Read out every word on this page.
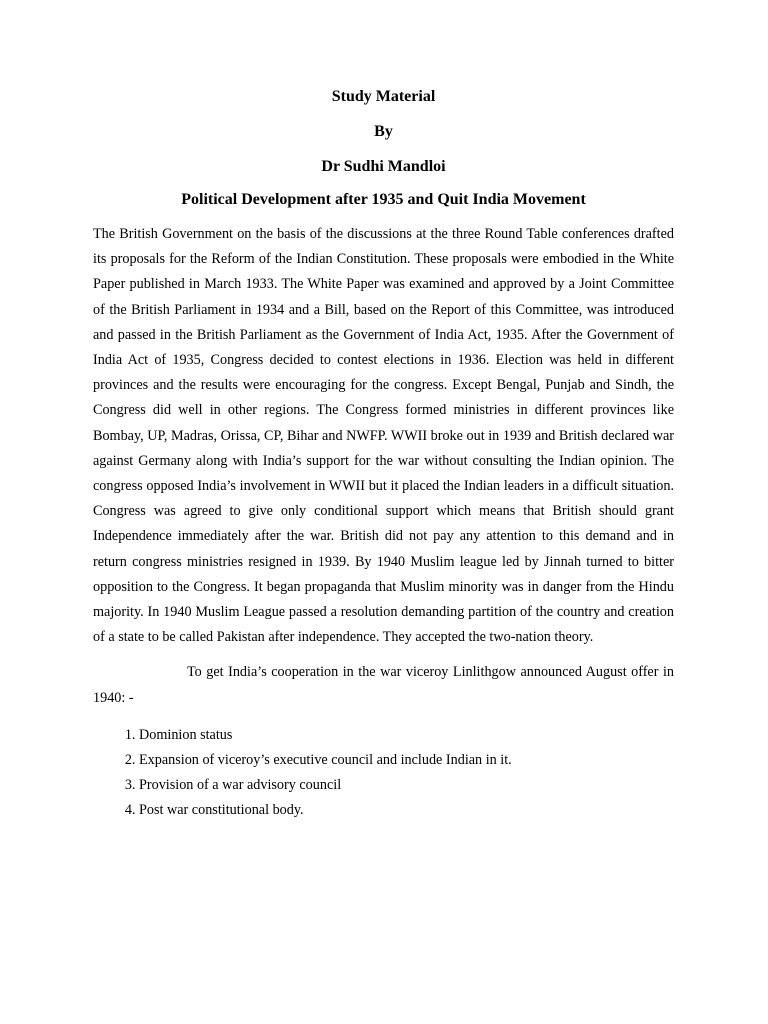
Study Material

By

Dr Sudhi Mandloi

Political Development after 1935 and Quit India Movement

The British Government on the basis of the discussions at the three Round Table conferences drafted its proposals for the Reform of the Indian Constitution. These proposals were embodied in the White Paper published in March 1933. The White Paper was examined and approved by a Joint Committee of the British Parliament in 1934 and a Bill, based on the Report of this Committee, was introduced and passed in the British Parliament as the Government of India Act, 1935. After the Government of India Act of 1935, Congress decided to contest elections in 1936. Election was held in different provinces and the results were encouraging for the congress. Except Bengal, Punjab and Sindh, the Congress did well in other regions. The Congress formed ministries in different provinces like Bombay, UP, Madras, Orissa, CP, Bihar and NWFP. WWII broke out in 1939 and British declared war against Germany along with India’s support for the war without consulting the Indian opinion. The congress opposed India’s involvement in WWII but it placed the Indian leaders in a difficult situation. Congress was agreed to give only conditional support which means that British should grant Independence immediately after the war. British did not pay any attention to this demand and in return congress ministries resigned in 1939. By 1940 Muslim league led by Jinnah turned to bitter opposition to the Congress. It began propaganda that Muslim minority was in danger from the Hindu majority. In 1940 Muslim League passed a resolution demanding partition of the country and creation of a state to be called Pakistan after independence. They accepted the two-nation theory.

To get India’s cooperation in the war viceroy Linlithgow announced August offer in 1940: -

1. Dominion status
2. Expansion of viceroy’s executive council and include Indian in it.
3. Provision of a war advisory council
4. Post war constitutional body.
